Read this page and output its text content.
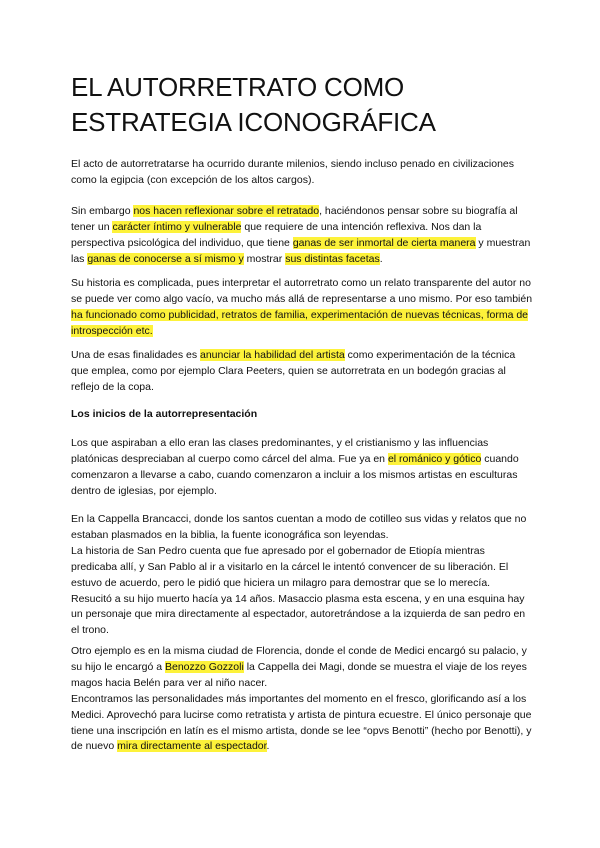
EL AUTORRETRATO COMO
ESTRATEGIA ICONOGRÁFICA

El acto de autorretratarse ha ocurrido durante milenios, siendo incluso penado en civilizaciones como la egipcia (con excepción de los altos cargos).

Sin embargo nos hacen reflexionar sobre el retratado, haciéndonos pensar sobre su biografía al tener un carácter íntimo y vulnerable que requiere de una intención reflexiva. Nos dan la perspectiva psicológica del individuo, que tiene ganas de ser inmortal de cierta manera y muestran las ganas de conocerse a sí mismo y mostrar sus distintas facetas.

Su historia es complicada, pues interpretar el autorretrato como un relato transparente del autor no se puede ver como algo vacío, va mucho más allá de representarse a uno mismo. Por eso también ha funcionado como publicidad, retratos de familia, experimentación de nuevas técnicas, forma de introspección etc.

Una de esas finalidades es anunciar la habilidad del artista como experimentación de la técnica que emplea, como por ejemplo Clara Peeters, quien se autorretrata en un bodegón gracias al reflejo de la copa.

Los inicios de la autorrepresentación

Los que aspiraban a ello eran las clases predominantes, y el cristianismo y las influencias platónicas despreciaban al cuerpo como cárcel del alma. Fue ya en el románico y gótico cuando comenzaron a llevarse a cabo, cuando comenzaron a incluir a los mismos artistas en esculturas dentro de iglesias, por ejemplo.

En la Cappella Brancacci, donde los santos cuentan a modo de cotilleo sus vidas y relatos que no estaban plasmados en la biblia, la fuente iconográfica son leyendas.
La historia de San Pedro cuenta que fue apresado por el gobernador de Etiopía mientras predicaba allí, y San Pablo al ir a visitarlo en la cárcel le intentó convencer de su liberación. El estuvo de acuerdo, pero le pidió que hiciera un milagro para demostrar que se lo merecía. Resucitó a su hijo muerto hacía ya 14 años. Masaccio plasma esta escena, y en una esquina hay un personaje que mira directamente al espectador, autoretrándose a la izquierda de san pedro en el trono.

Otro ejemplo es en la misma ciudad de Florencia, donde el conde de Medici encargó su palacio, y su hijo le encargó a Benozzo Gozzoli la Cappella dei Magi, donde se muestra el viaje de los reyes magos hacia Belén para ver al niño nacer.
Encontramos las personalidades más importantes del momento en el fresco, glorificando así a los Medici. Aprovechó para lucirse como retratista y artista de pintura ecuestre. El único personaje que tiene una inscripción en latín es el mismo artista, donde se lee “opvs Benotti” (hecho por Benotti), y de nuevo mira directamente al espectador.
